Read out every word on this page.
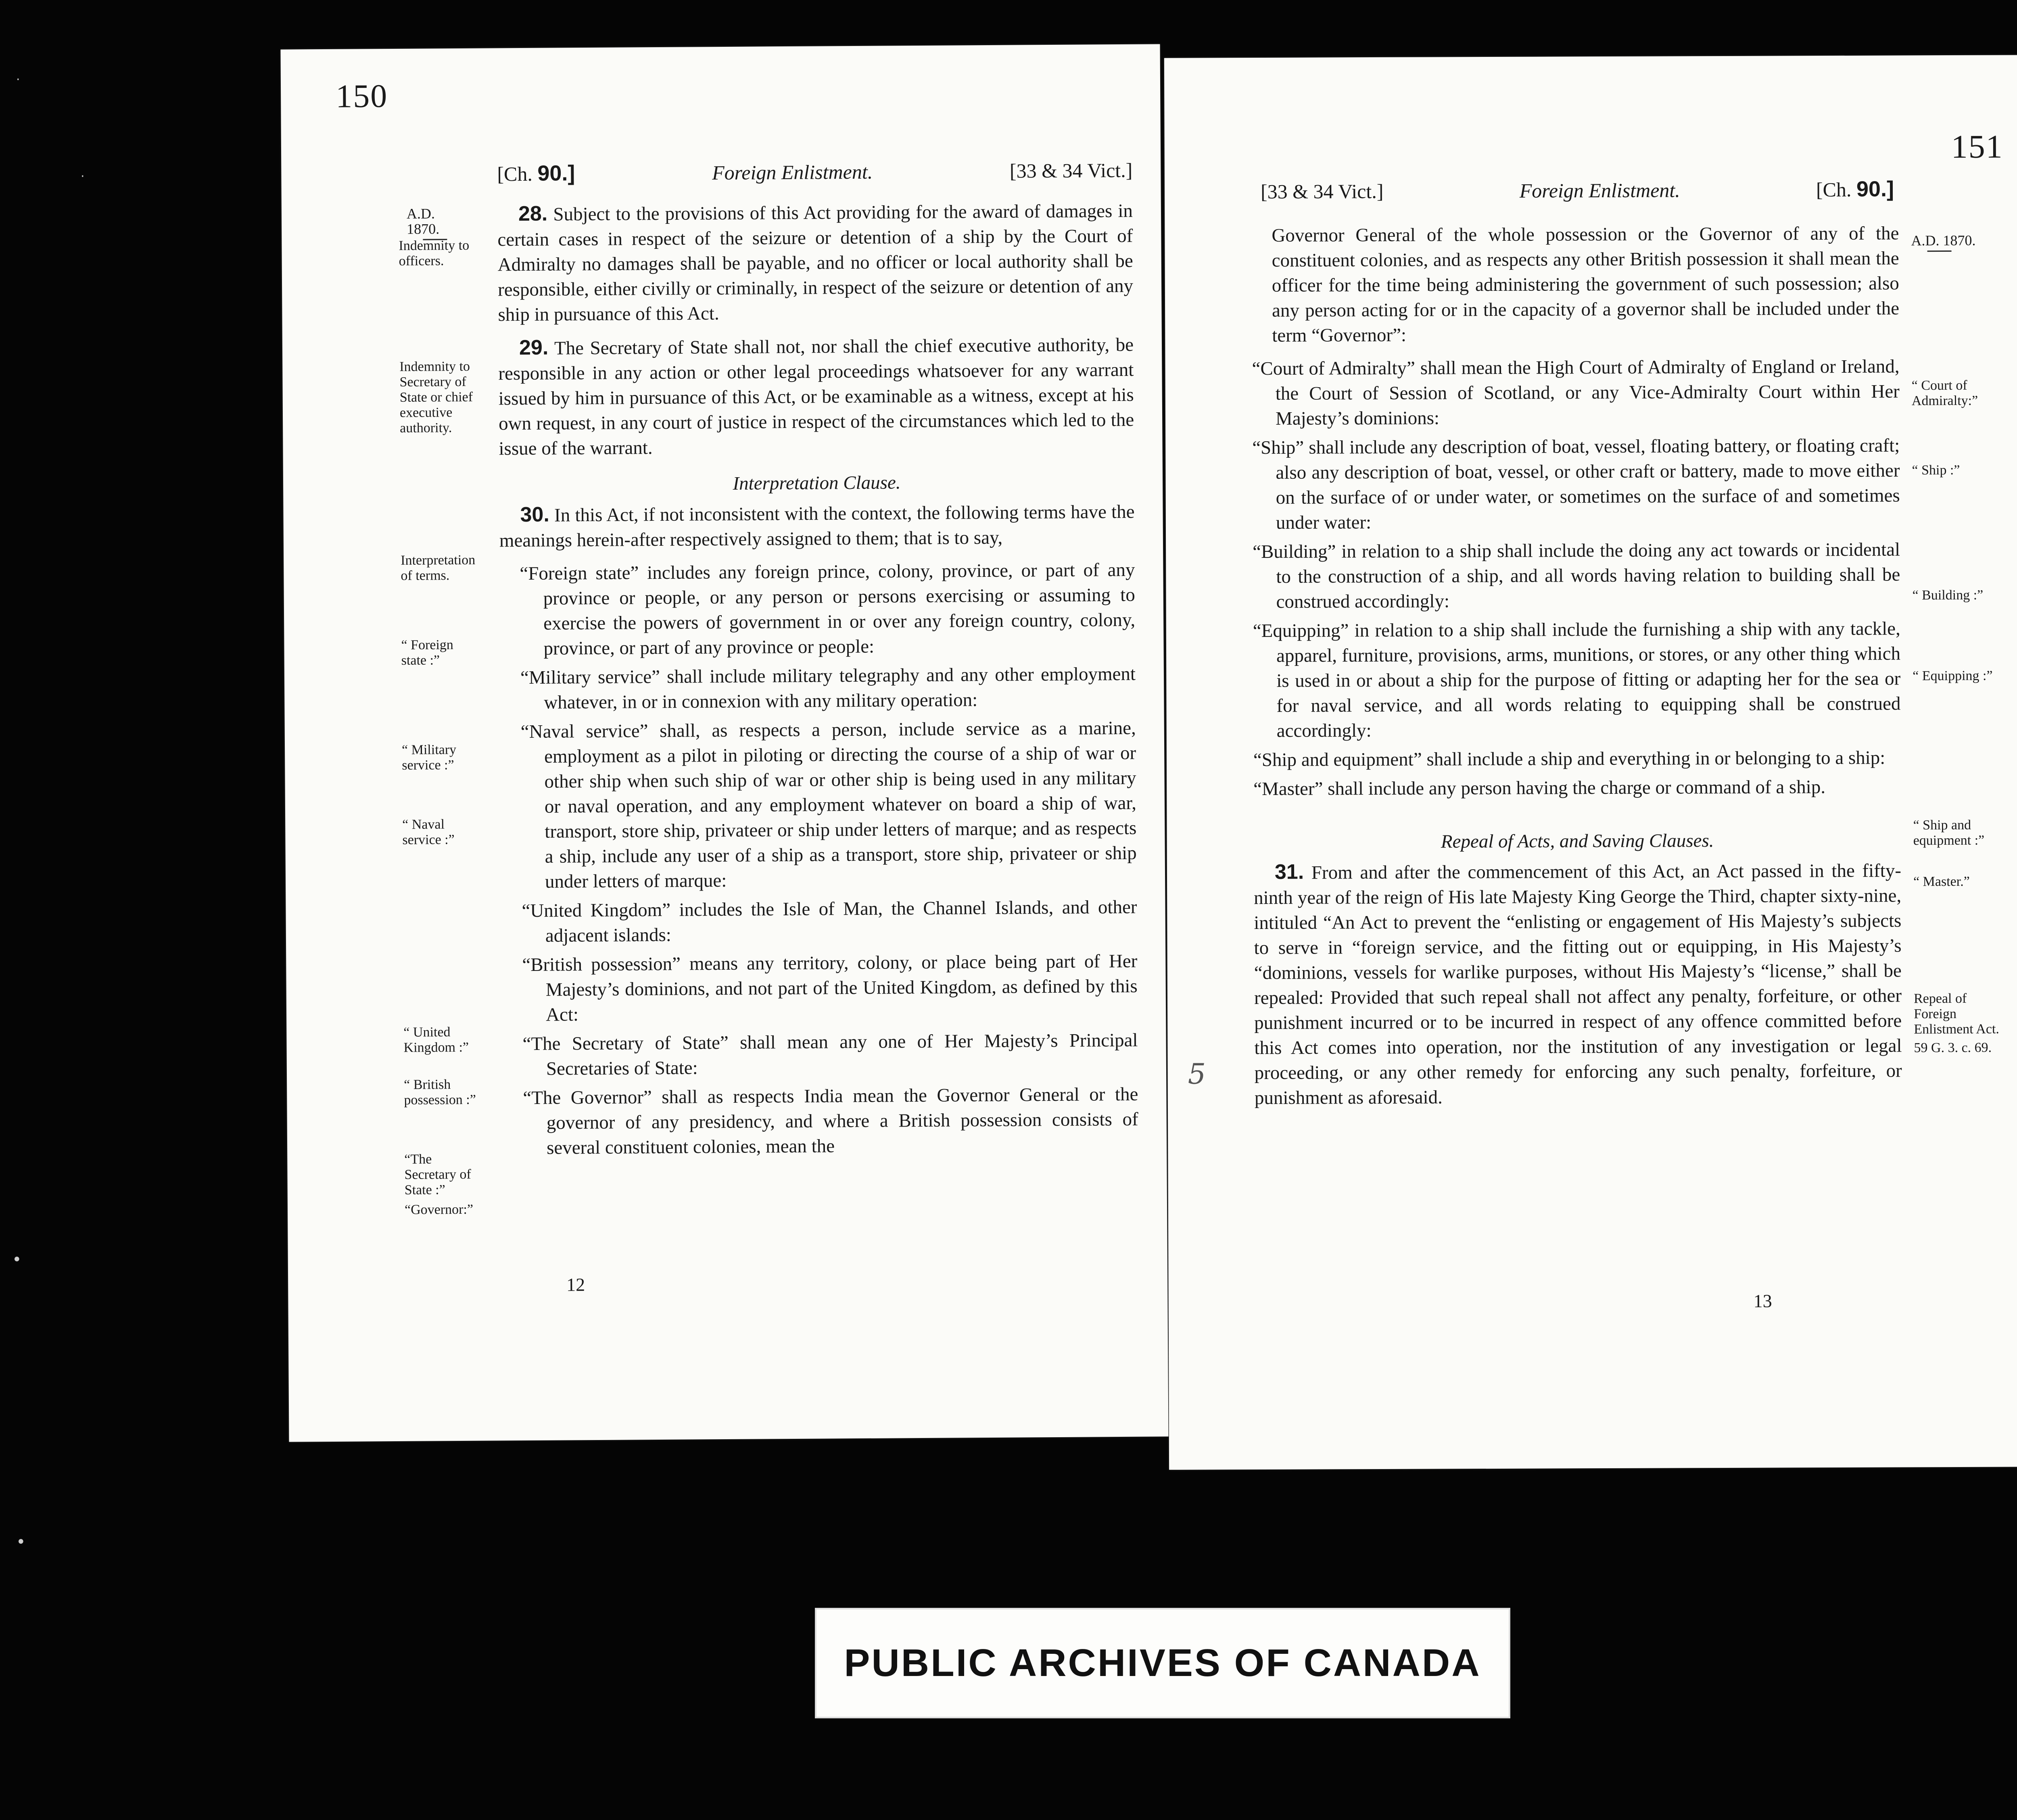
150
[Ch. 90.]	Foreign Enlistment.	[33 & 34 Vict.]
A.D. 1870.
Indemnity to officers.
Indemnity to Secretary of State or chief executive authority.
Interpretation of terms.
“ Foreign state :”
“ Military service :”
“ Naval service :”
“ United Kingdom :”
“ British possession :”
“The Secretary of State :”
“Governor:”

28. Subject to the provisions of this Act providing for the award of damages in certain cases in respect of the seizure or detention of a ship by the Court of Admiralty no damages shall be payable, and no officer or local authority shall be responsible, either civilly or criminally, in respect of the seizure or detention of any ship in pursuance of this Act.

29. The Secretary of State shall not, nor shall the chief executive authority, be responsible in any action or other legal proceedings whatsoever for any warrant issued by him in pursuance of this Act, or be examinable as a witness, except at his own request, in any court of justice in respect of the circumstances which led to the issue of the warrant.

Interpretation Clause.

30. In this Act, if not inconsistent with the context, the following terms have the meanings herein-after respectively assigned to them; that is to say,

“Foreign state” includes any foreign prince, colony, province, or part of any province or people, or any person or persons exercising or assuming to exercise the powers of government in or over any foreign country, colony, province, or part of any province or people:

“Military service” shall include military telegraphy and any other employment whatever, in or in connexion with any military operation:

“Naval service” shall, as respects a person, include service as a marine, employment as a pilot in piloting or directing the course of a ship of war or other ship when such ship of war or other ship is being used in any military or naval operation, and any employment whatever on board a ship of war, transport, store ship, privateer or ship under letters of marque; and as respects a ship, include any user of a ship as a transport, store ship, privateer or ship under letters of marque:

“United Kingdom” includes the Isle of Man, the Channel Islands, and other adjacent islands:

“British possession” means any territory, colony, or place being part of Her Majesty’s dominions, and not part of the United Kingdom, as defined by this Act:

“The Secretary of State” shall mean any one of Her Majesty’s Principal Secretaries of State:

“The Governor” shall as respects India mean the Governor General or the governor of any presidency, and where a British possession consists of several constituent colonies, mean the

12
151
[33 & 34 Vict.]	Foreign Enlistment.	[Ch. 90.]
A.D. 1870.
“ Court of Admiralty:”
“ Ship :”
“ Building :”
“ Equipping :”
“ Ship and equipment :”
“ Master.”
Repeal of Foreign Enlistment Act.
59 G. 3. c. 69.
5

Governor General of the whole possession or the Governor of any of the constituent colonies, and as respects any other British possession it shall mean the officer for the time being administering the government of such possession; also any person acting for or in the capacity of a governor shall be included under the term “Governor”:

“Court of Admiralty” shall mean the High Court of Admiralty of England or Ireland, the Court of Session of Scotland, or any Vice-Admiralty Court within Her Majesty’s dominions:

“Ship” shall include any description of boat, vessel, floating battery, or floating craft; also any description of boat, vessel, or other craft or battery, made to move either on the surface of or under water, or sometimes on the surface of and sometimes under water:

“Building” in relation to a ship shall include the doing any act towards or incidental to the construction of a ship, and all words having relation to building shall be construed accordingly:

“Equipping” in relation to a ship shall include the furnishing a ship with any tackle, apparel, furniture, provisions, arms, munitions, or stores, or any other thing which is used in or about a ship for the purpose of fitting or adapting her for the sea or for naval service, and all words relating to equipping shall be construed accordingly:

“Ship and equipment” shall include a ship and everything in or belonging to a ship:

“Master” shall include any person having the charge or command of a ship.

Repeal of Acts, and Saving Clauses.

31. From and after the commencement of this Act, an Act passed in the fifty-ninth year of the reign of His late Majesty King George the Third, chapter sixty-nine, intituled “An Act to prevent the “enlisting or engagement of His Majesty’s subjects to serve in “foreign service, and the fitting out or equipping, in His Majesty’s “dominions, vessels for warlike purposes, without His Majesty’s “license,” shall be repealed: Provided that such repeal shall not affect any penalty, forfeiture, or other punishment incurred or to be incurred in respect of any offence committed before this Act comes into operation, nor the institution of any investigation or legal proceeding, or any other remedy for enforcing any such penalty, forfeiture, or punishment as aforesaid.

13
PUBLIC ARCHIVES OF CANADA
·
·
•
•
